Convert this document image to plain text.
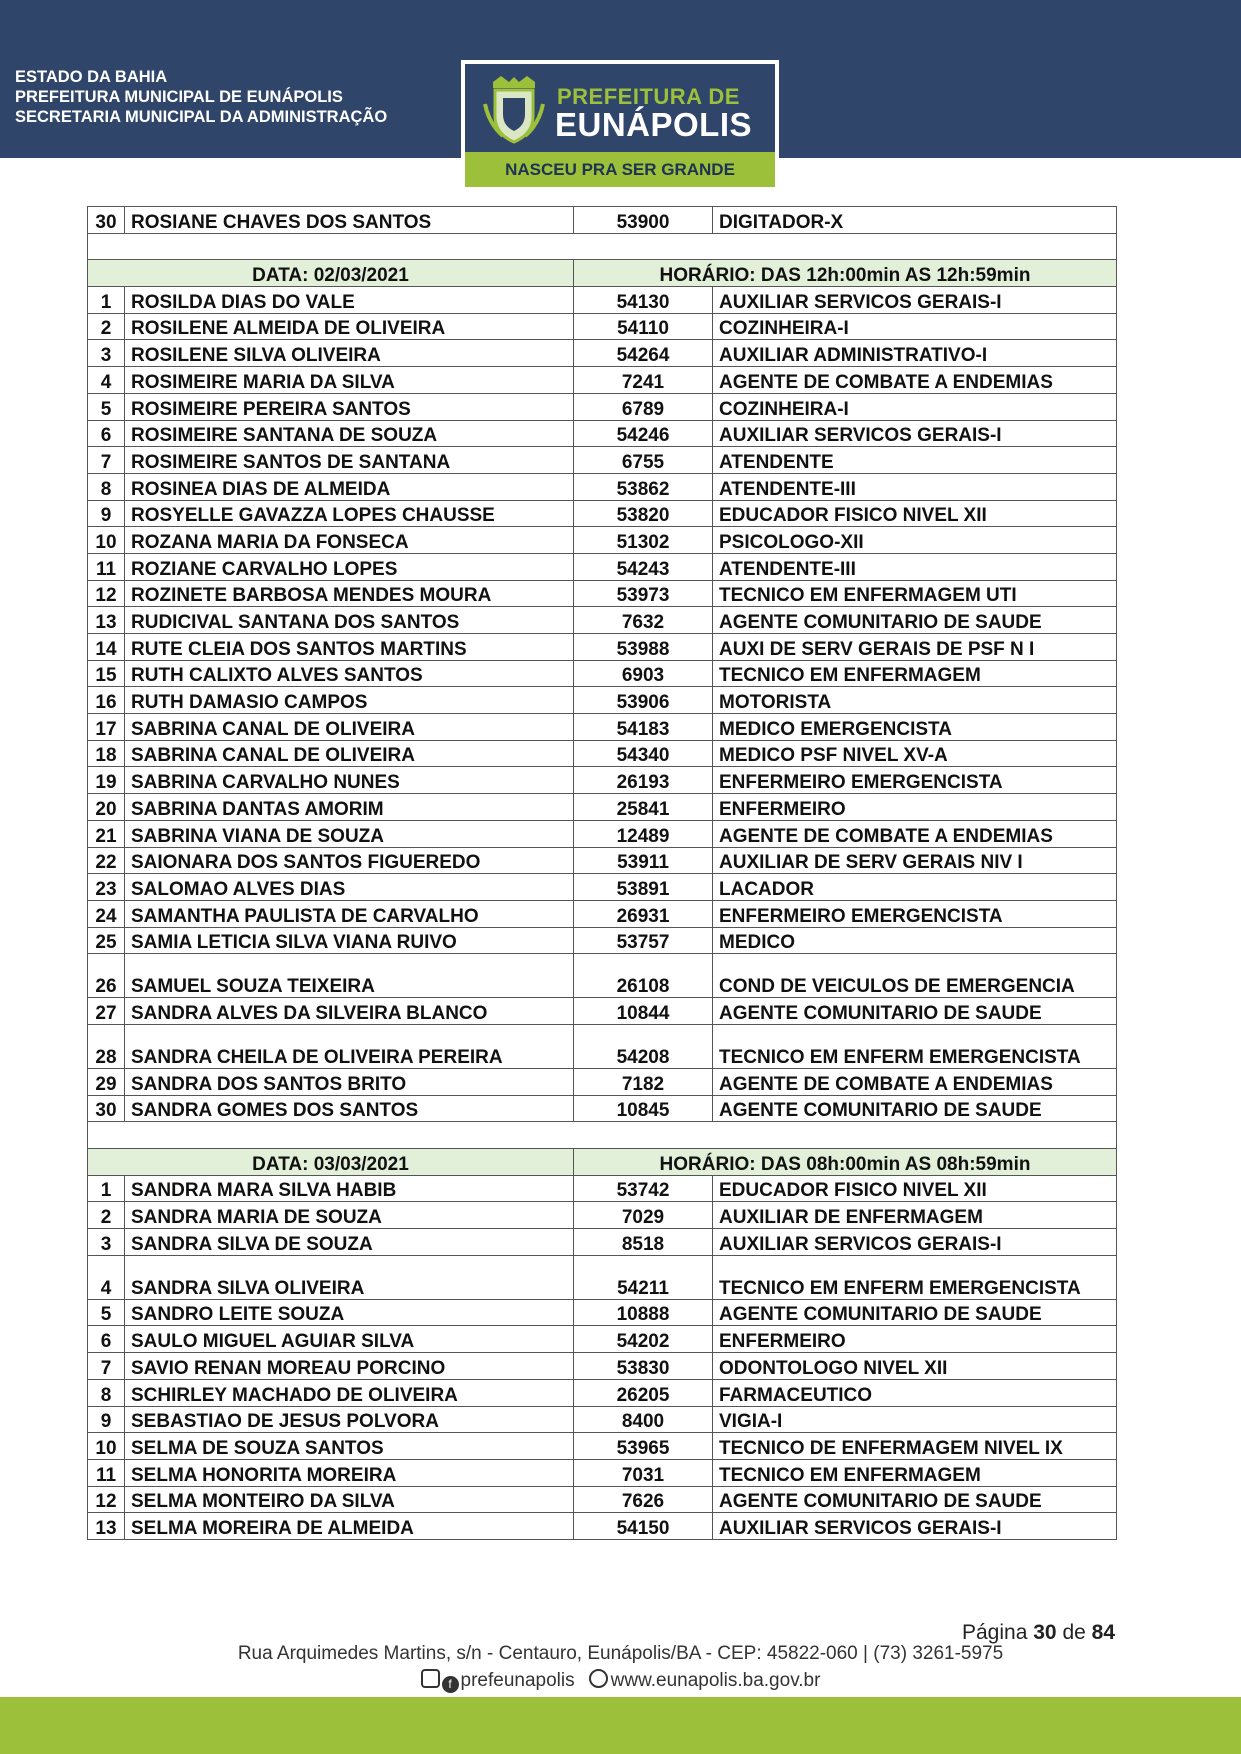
ESTADO DA BAHIA
PREFEITURA MUNICIPAL DE EUNÁPOLIS
SECRETARIA MUNICIPAL DA ADMINISTRAÇÃO
PREFEITURA DE
EUNÁPOLIS
NASCEU PRA SER GRANDE
30	ROSIANE CHAVES DOS SANTOS	53900	DIGITADOR-X

DATA: 02/03/2021		HORÁRIO: DAS 12h:00min AS 12h:59min	
1	ROSILDA DIAS DO VALE	54130	AUXILIAR SERVICOS GERAIS-I
2	ROSILENE ALMEIDA DE OLIVEIRA	54110	COZINHEIRA-I
3	ROSILENE SILVA OLIVEIRA	54264	AUXILIAR ADMINISTRATIVO-I
4	ROSIMEIRE MARIA DA SILVA	7241	AGENTE DE COMBATE A ENDEMIAS
5	ROSIMEIRE PEREIRA SANTOS	6789	COZINHEIRA-I
6	ROSIMEIRE SANTANA DE SOUZA	54246	AUXILIAR SERVICOS GERAIS-I
7	ROSIMEIRE SANTOS DE SANTANA	6755	ATENDENTE
8	ROSINEA DIAS DE ALMEIDA	53862	ATENDENTE-III
9	ROSYELLE GAVAZZA LOPES CHAUSSE	53820	EDUCADOR FISICO NIVEL XII
10	ROZANA MARIA DA FONSECA	51302	PSICOLOGO-XII
11	ROZIANE CARVALHO LOPES	54243	ATENDENTE-III
12	ROZINETE BARBOSA MENDES MOURA	53973	TECNICO EM ENFERMAGEM UTI
13	RUDICIVAL SANTANA DOS SANTOS	7632	AGENTE COMUNITARIO DE SAUDE
14	RUTE CLEIA DOS SANTOS MARTINS	53988	AUXI DE SERV GERAIS DE PSF N I
15	RUTH CALIXTO ALVES SANTOS	6903	TECNICO EM ENFERMAGEM
16	RUTH DAMASIO CAMPOS	53906	MOTORISTA
17	SABRINA CANAL DE OLIVEIRA	54183	MEDICO EMERGENCISTA
18	SABRINA CANAL DE OLIVEIRA	54340	MEDICO PSF NIVEL XV-A
19	SABRINA CARVALHO NUNES	26193	ENFERMEIRO EMERGENCISTA
20	SABRINA DANTAS AMORIM	25841	ENFERMEIRO
21	SABRINA VIANA DE SOUZA	12489	AGENTE DE COMBATE A ENDEMIAS
22	SAIONARA DOS SANTOS FIGUEREDO	53911	AUXILIAR DE SERV GERAIS NIV I
23	SALOMAO ALVES DIAS	53891	LACADOR
24	SAMANTHA PAULISTA DE CARVALHO	26931	ENFERMEIRO EMERGENCISTA
25	SAMIA LETICIA SILVA VIANA RUIVO	53757	MEDICO
26	SAMUEL SOUZA TEIXEIRA	26108	COND DE VEICULOS DE EMERGENCIA
27	SANDRA ALVES DA SILVEIRA BLANCO	10844	AGENTE COMUNITARIO DE SAUDE
28	SANDRA CHEILA DE OLIVEIRA PEREIRA	54208	TECNICO EM ENFERM EMERGENCISTA
29	SANDRA DOS SANTOS BRITO	7182	AGENTE DE COMBATE A ENDEMIAS
30	SANDRA GOMES DOS SANTOS	10845	AGENTE COMUNITARIO DE SAUDE

DATA: 03/03/2021		HORÁRIO: DAS 08h:00min AS 08h:59min	
1	SANDRA MARA SILVA HABIB	53742	EDUCADOR FISICO NIVEL XII
2	SANDRA MARIA DE SOUZA	7029	AUXILIAR DE ENFERMAGEM
3	SANDRA SILVA DE SOUZA	8518	AUXILIAR SERVICOS GERAIS-I
4	SANDRA SILVA OLIVEIRA	54211	TECNICO EM ENFERM EMERGENCISTA
5	SANDRO LEITE SOUZA	10888	AGENTE COMUNITARIO DE SAUDE
6	SAULO MIGUEL AGUIAR SILVA	54202	ENFERMEIRO
7	SAVIO RENAN MOREAU PORCINO	53830	ODONTOLOGO NIVEL XII
8	SCHIRLEY MACHADO DE OLIVEIRA	26205	FARMACEUTICO
9	SEBASTIAO DE JESUS POLVORA	8400	VIGIA-I
10	SELMA DE SOUZA SANTOS	53965	TECNICO DE ENFERMAGEM NIVEL IX
11	SELMA HONORITA MOREIRA	7031	TECNICO EM ENFERMAGEM
12	SELMA MONTEIRO DA SILVA	7626	AGENTE COMUNITARIO DE SAUDE
13	SELMA MOREIRA DE ALMEIDA	54150	AUXILIAR SERVICOS GERAIS-I
Página 30 de 84
Rua Arquimedes Martins, s/n - Centauro, Eunápolis/BA - CEP: 45822-060 | (73) 3261-5975
f prefeunapolis www.eunapolis.ba.gov.br
